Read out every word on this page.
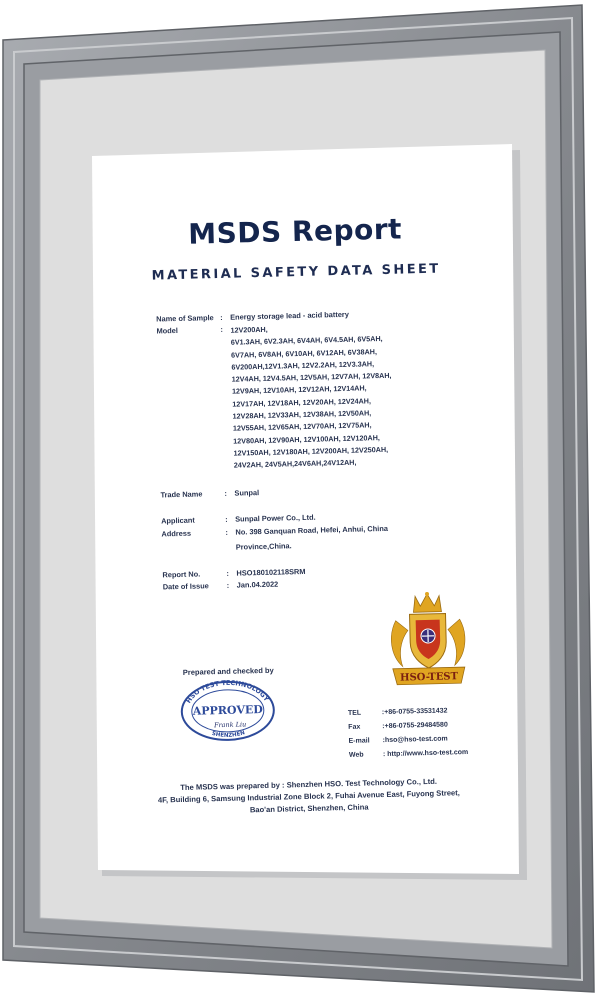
MSDS Report
MATERIAL SAFETY DATA SHEET
Name of Sample : Energy storage lead - acid battery
Model	:	12V200AH,
6V1.3AH, 6V2.3AH, 6V4AH, 6V4.5AH, 6V5AH,
6V7AH, 6V8AH, 6V10AH, 6V12AH, 6V38AH,
6V200AH,12V1.3AH, 12V2.2AH, 12V3.3AH,
12V4AH, 12V4.5AH, 12V5AH, 12V7AH, 12V8AH,
12V9AH, 12V10AH, 12V12AH, 12V14AH,
12V17AH, 12V18AH, 12V20AH, 12V24AH,
12V28AH, 12V33AH, 12V38AH, 12V50AH,
12V55AH, 12V65AH, 12V70AH, 12V75AH,
12V80AH, 12V90AH, 12V100AH, 12V120AH,
12V150AH, 12V180AH, 12V200AH, 12V250AH,
24V2AH, 24V5AH,24V6AH,24V12AH,
Trade Name	: Sunpal
Applicant	: Sunpal Power Co., Ltd.
Address	: No. 398 Ganquan Road, Hefei, Anhui, China
Province,China.
Report No.	: HSO180102118SRM
Date of Issue : Jan.04.2022
HSO-TEST
Prepared and checked by
HSO TEST TECHNOLOGY
SHENZHEN
APPROVED
Frank Liu
TEL	:+86-0755-33531432
Fax	:+86-0755-29484580
E-mail :hso@hso-test.com
Web	: http://www.hso-test.com
The MSDS was prepared by : Shenzhen HSO. Test Technology Co., Ltd.
4F, Building 6, Samsung Industrial Zone Block 2, Fuhai Avenue East, Fuyong Street,
Bao'an District, Shenzhen, China
